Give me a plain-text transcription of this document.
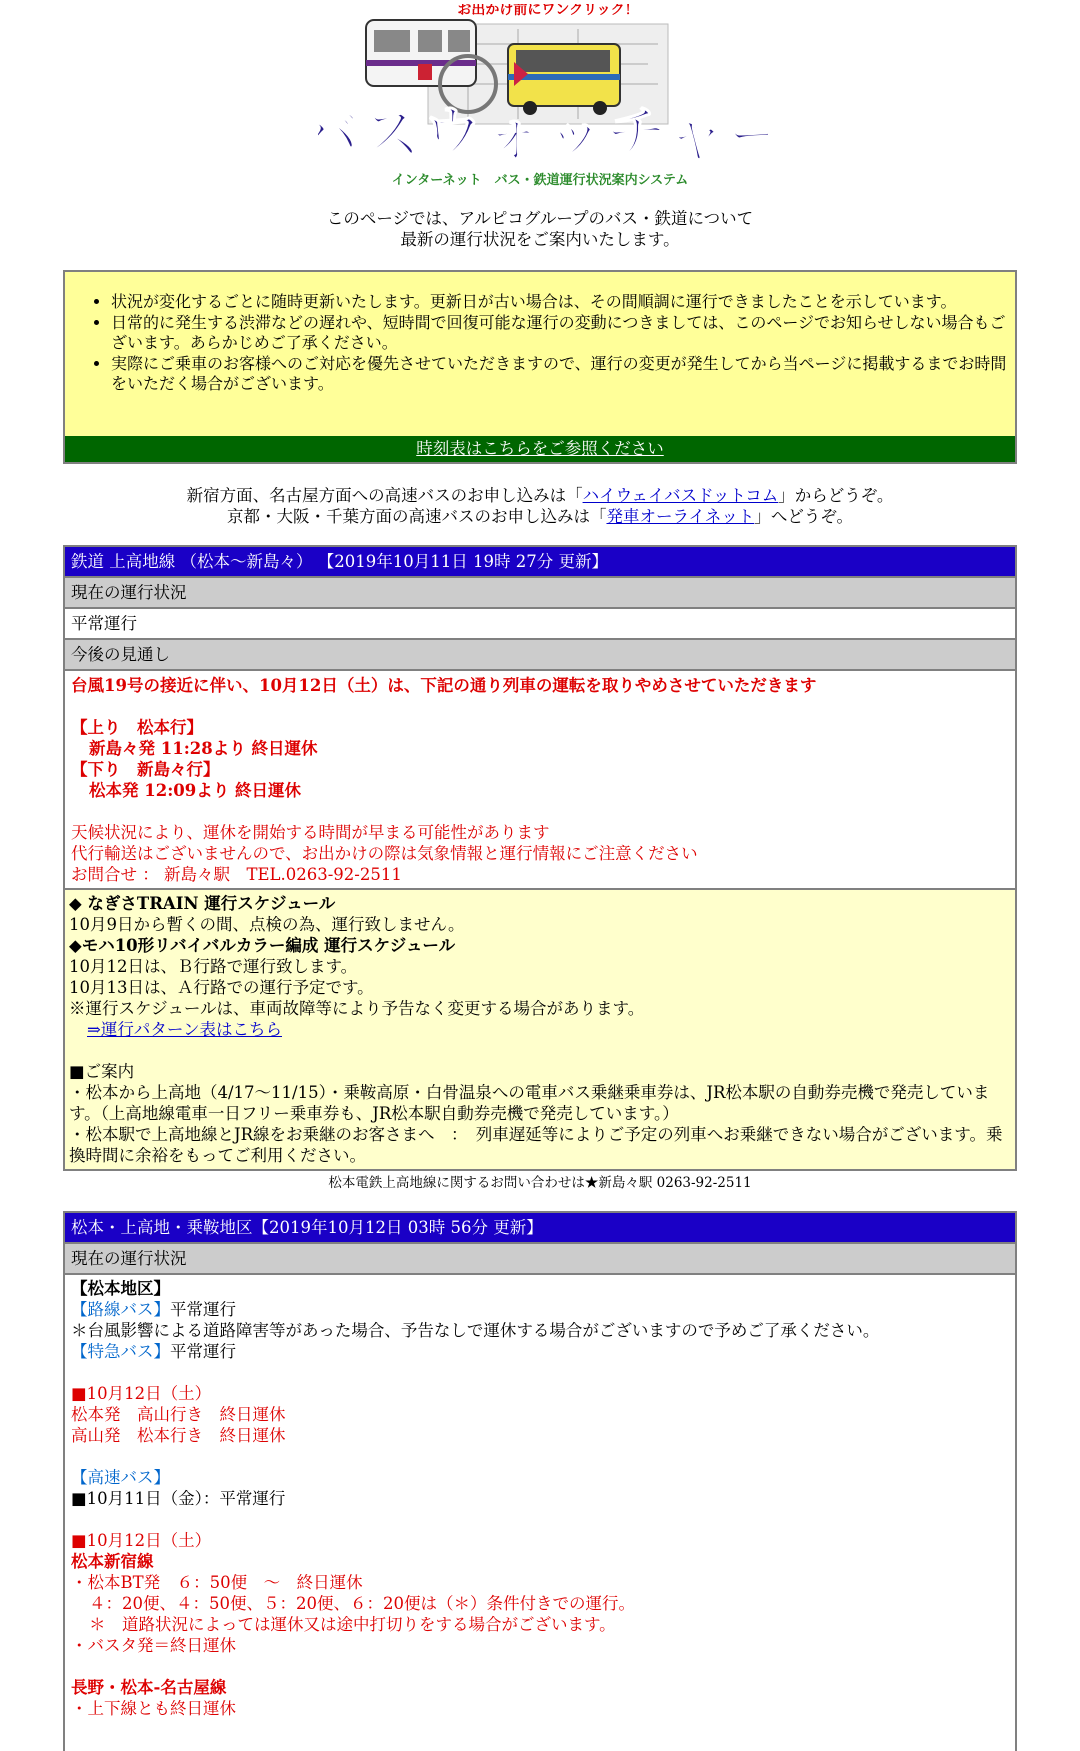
お出かけ前にワンクリック！
バスウォッチャー
インターネット　バス・鉄道運行状況案内システム

このページでは、アルピコグループのバス・鉄道について

最新の運行状況をご案内いたします。

• 状況が変化するごとに随時更新いたします。更新日が古い場合は、その間順調に運行できましたことを示しています。
• 日常的に発生する渋滞などの遅れや、短時間で回復可能な運行の変動につきましては、このページでお知らせしない場合もございます。あらかじめご了承ください。
• 実際にご乗車のお客様へのご対応を優先させていただきますので、運行の変更が発生してから当ページに掲載するまでお時間をいただく場合がございます。
時刻表はこちらをご参照ください

新宿方面、名古屋方面への高速バスのお申し込みは「ハイウェイバスドットコム」からどうぞ。

京都・大阪・千葉方面の高速バスのお申し込みは「発車オーライネット」へどうぞ。

鉄道 上高地線 （松本～新島々） 【2019年10月11日 19時 27分 更新】
現在の運行状況
平常運行
今後の見通し

台風19号の接近に伴い、10月12日（土）は、下記の通り列車の運転を取りやめさせていただきます

【上り　松本行】

新島々発 11:28より 終日運休

【下り　新島々行】

松本発 12:09より 終日運休

天候状況により、運休を開始する時間が早まる可能性があります

代行輸送はございませんので、お出かけの際は気象情報と運行情報にご注意ください

お問合せ ： 新島々駅　TEL.0263-92-2511

◆ なぎさTRAIN 運行スケジュール

10月9日から暫くの間、点検の為、運行致しません。

◆モハ10形リバイバルカラー編成 運行スケジュール

10月12日は、Ｂ行路で運行致します。

10月13日は、Ａ行路での運行予定です。

※運行スケジュールは、車両故障等により予告なく変更する場合があります。

⇒運行パターン表はこちら

■ご案内

・松本から上高地（4/17～11/15）・乗鞍高原・白骨温泉への電車バス乗継乗車券は、JR松本駅の自動券売機で発売しています。（上高地線電車一日フリー乗車券も、JR松本駅自動券売機で発売しています。）

・松本駅で上高地線とJR線をお乗継のお客さまへ　：　列車遅延等によりご予定の列車へお乗継できない場合がございます。乗換時間に余裕をもってご利用ください。

松本電鉄上高地線に関するお問い合わせは★新島々駅 0263-92-2511
松本・上高地・乗鞍地区【2019年10月12日 03時 56分 更新】
現在の運行状況

【松本地区】

【路線バス】平常運行

＊台風影響による道路障害等があった場合、予告なしで運休する場合がございますので予めご了承ください。

【特急バス】平常運行

■10月12日（土）

松本発　高山行き　終日運休

高山発　松本行き　終日運休

【高速バス】

■10月11日（金）：平常運行

■10月12日（土）

松本新宿線

・松本BT発　６：50便　～　終日運休

４：20便、４：50便、５：20便、６：20便は（＊）条件付きでの運行。

＊　道路状況によっては運休又は途中打切りをする場合がございます。

・バスタ発＝終日運休

長野・松本-名古屋線

・上下線とも終日運休
